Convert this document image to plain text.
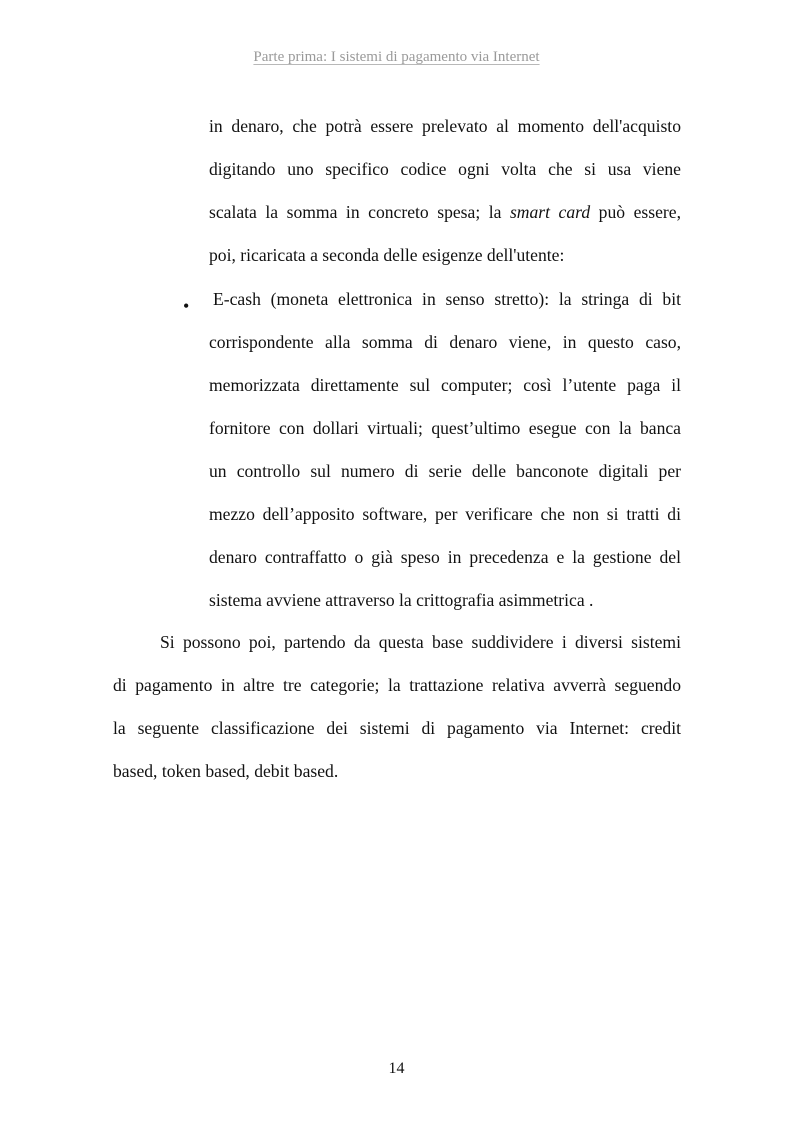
Parte prima: I sistemi di pagamento via Internet
in denaro, che potrà essere prelevato al momento dell'acquisto
digitando uno specifico codice ogni volta che si usa viene
scalata la somma in concreto spesa; la smart card può essere,
poi, ricaricata a seconda delle esigenze dell'utente:
• E-cash (moneta elettronica in senso stretto): la stringa di bit
corrispondente alla somma di denaro viene, in questo caso,
memorizzata direttamente sul computer; così l’utente paga il
fornitore con dollari virtuali; quest’ultimo esegue con la banca
un controllo sul numero di serie delle banconote digitali per
mezzo dell’apposito software, per verificare che non si tratti di
denaro contraffatto o già speso in precedenza e la gestione del
sistema avviene attraverso la crittografia asimmetrica .
Si possono poi, partendo da questa base suddividere i diversi sistemi
di pagamento in altre tre categorie; la trattazione relativa avverrà seguendo
la seguente classificazione dei sistemi di pagamento via Internet: credit
based, token based, debit based.
14
